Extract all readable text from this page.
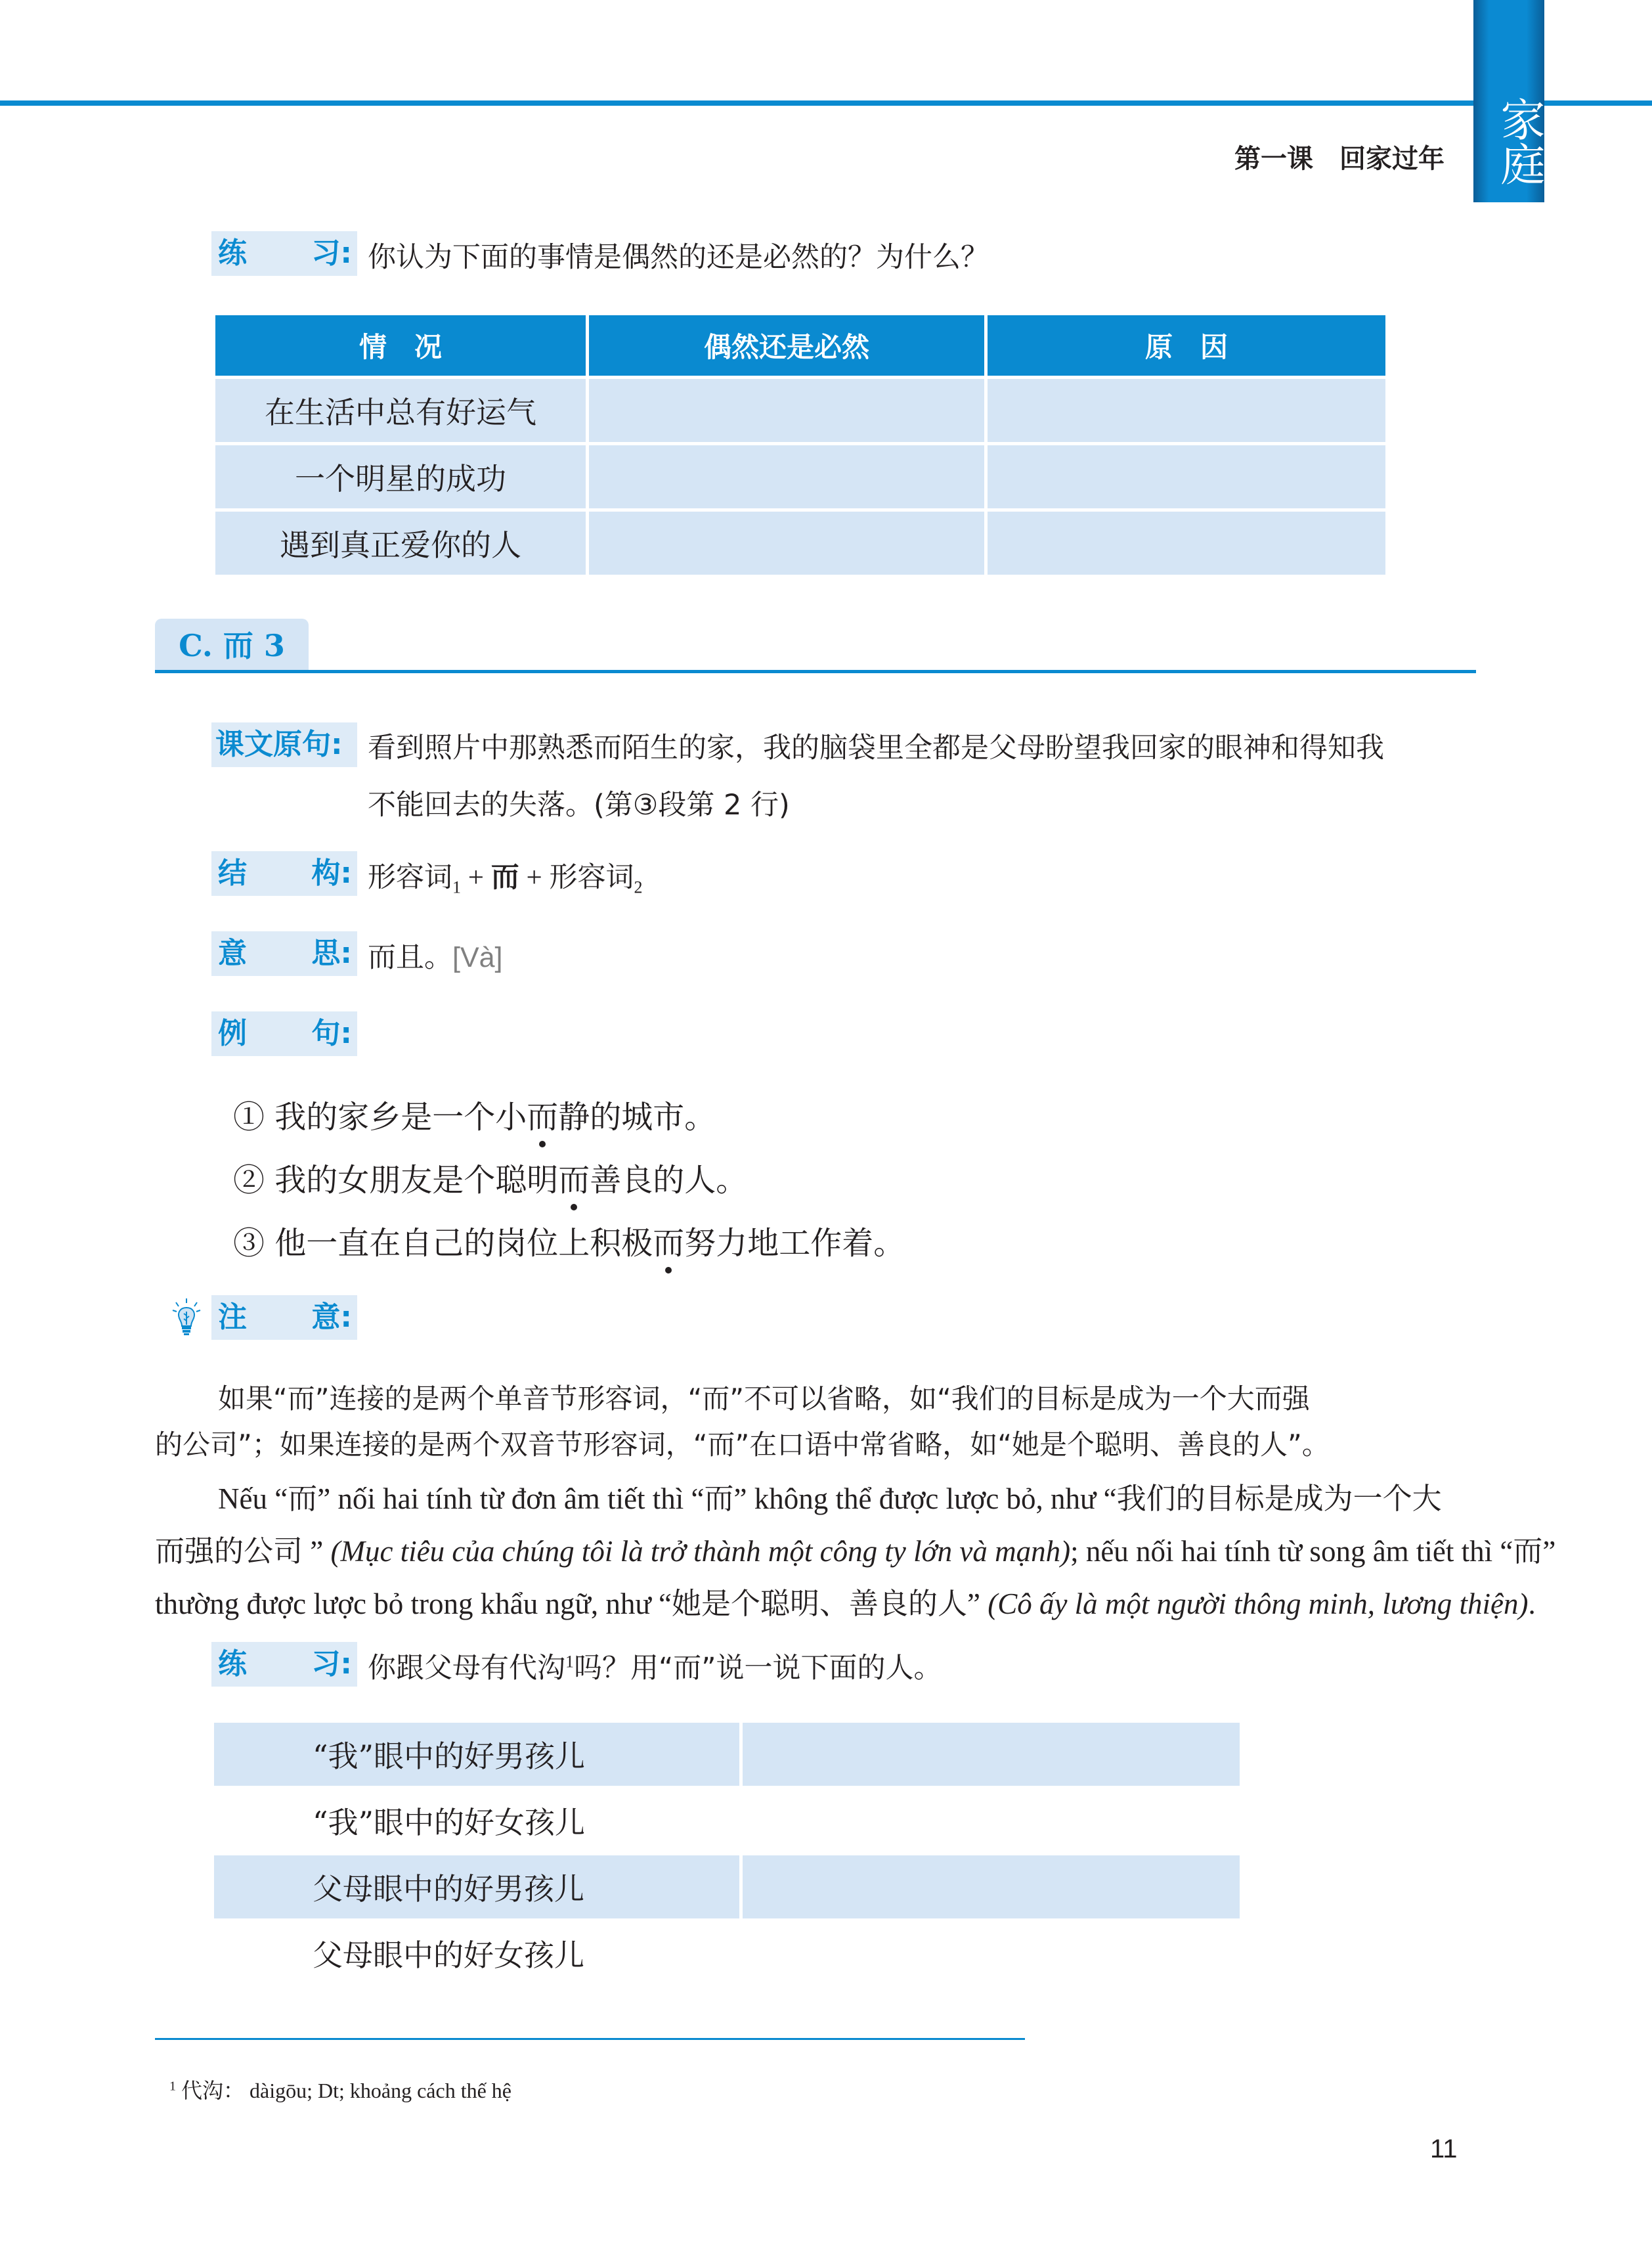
家庭
第一课　回家过年
练 习: 你认为下面的事情是偶然的还是必然的？为什么？
情　况	偶然还是必然	原　因
在生活中总有好运气		
一个明星的成功		
遇到真正爱你的人		
C. 而 3
课文原句: 看到照片中那熟悉而陌生的家，我的脑袋里全都是父母盼望我回家的眼神和得知我
不能回去的失落。(第③段第 2 行)
结 构: 形容词$_1$ + 而 + 形容词$_2$
意 思: 而且。[Và]
例 句:
① 我的家乡是一个小而静的城市。
② 我的女朋友是个聪明而善良的人。
③ 他一直在自己的岗位上积极而努力地工作着。
注 意:
如果“而”连接的是两个单音节形容词，“而”不可以省略，如“我们的目标是成为一个大而强
的公司”；如果连接的是两个双音节形容词，“而”在口语中常省略，如“她是个聪明、善良的人”。
Nếu “而” nối hai tính từ đơn âm tiết thì “而” không thể được lược bỏ, như “我们的目标是成为一个大
而强的公司 ” (Mục tiêu của chúng tôi là trở thành một công ty lớn và mạnh); nếu nối hai tính từ song âm tiết thì “而”
thường được lược bỏ trong khẩu ngữ, như “她是个聪明、善良的人” (Cô ấy là một người thông minh, lương thiện).
练 习: 你跟父母有代沟$^1$吗？用“而”说一说下面的人。
“我”眼中的好男孩儿	
“我”眼中的好女孩儿	
父母眼中的好男孩儿	
父母眼中的好女孩儿	
$^1$ 代沟： dàigōu; Dt; khoảng cách thế hệ
11
